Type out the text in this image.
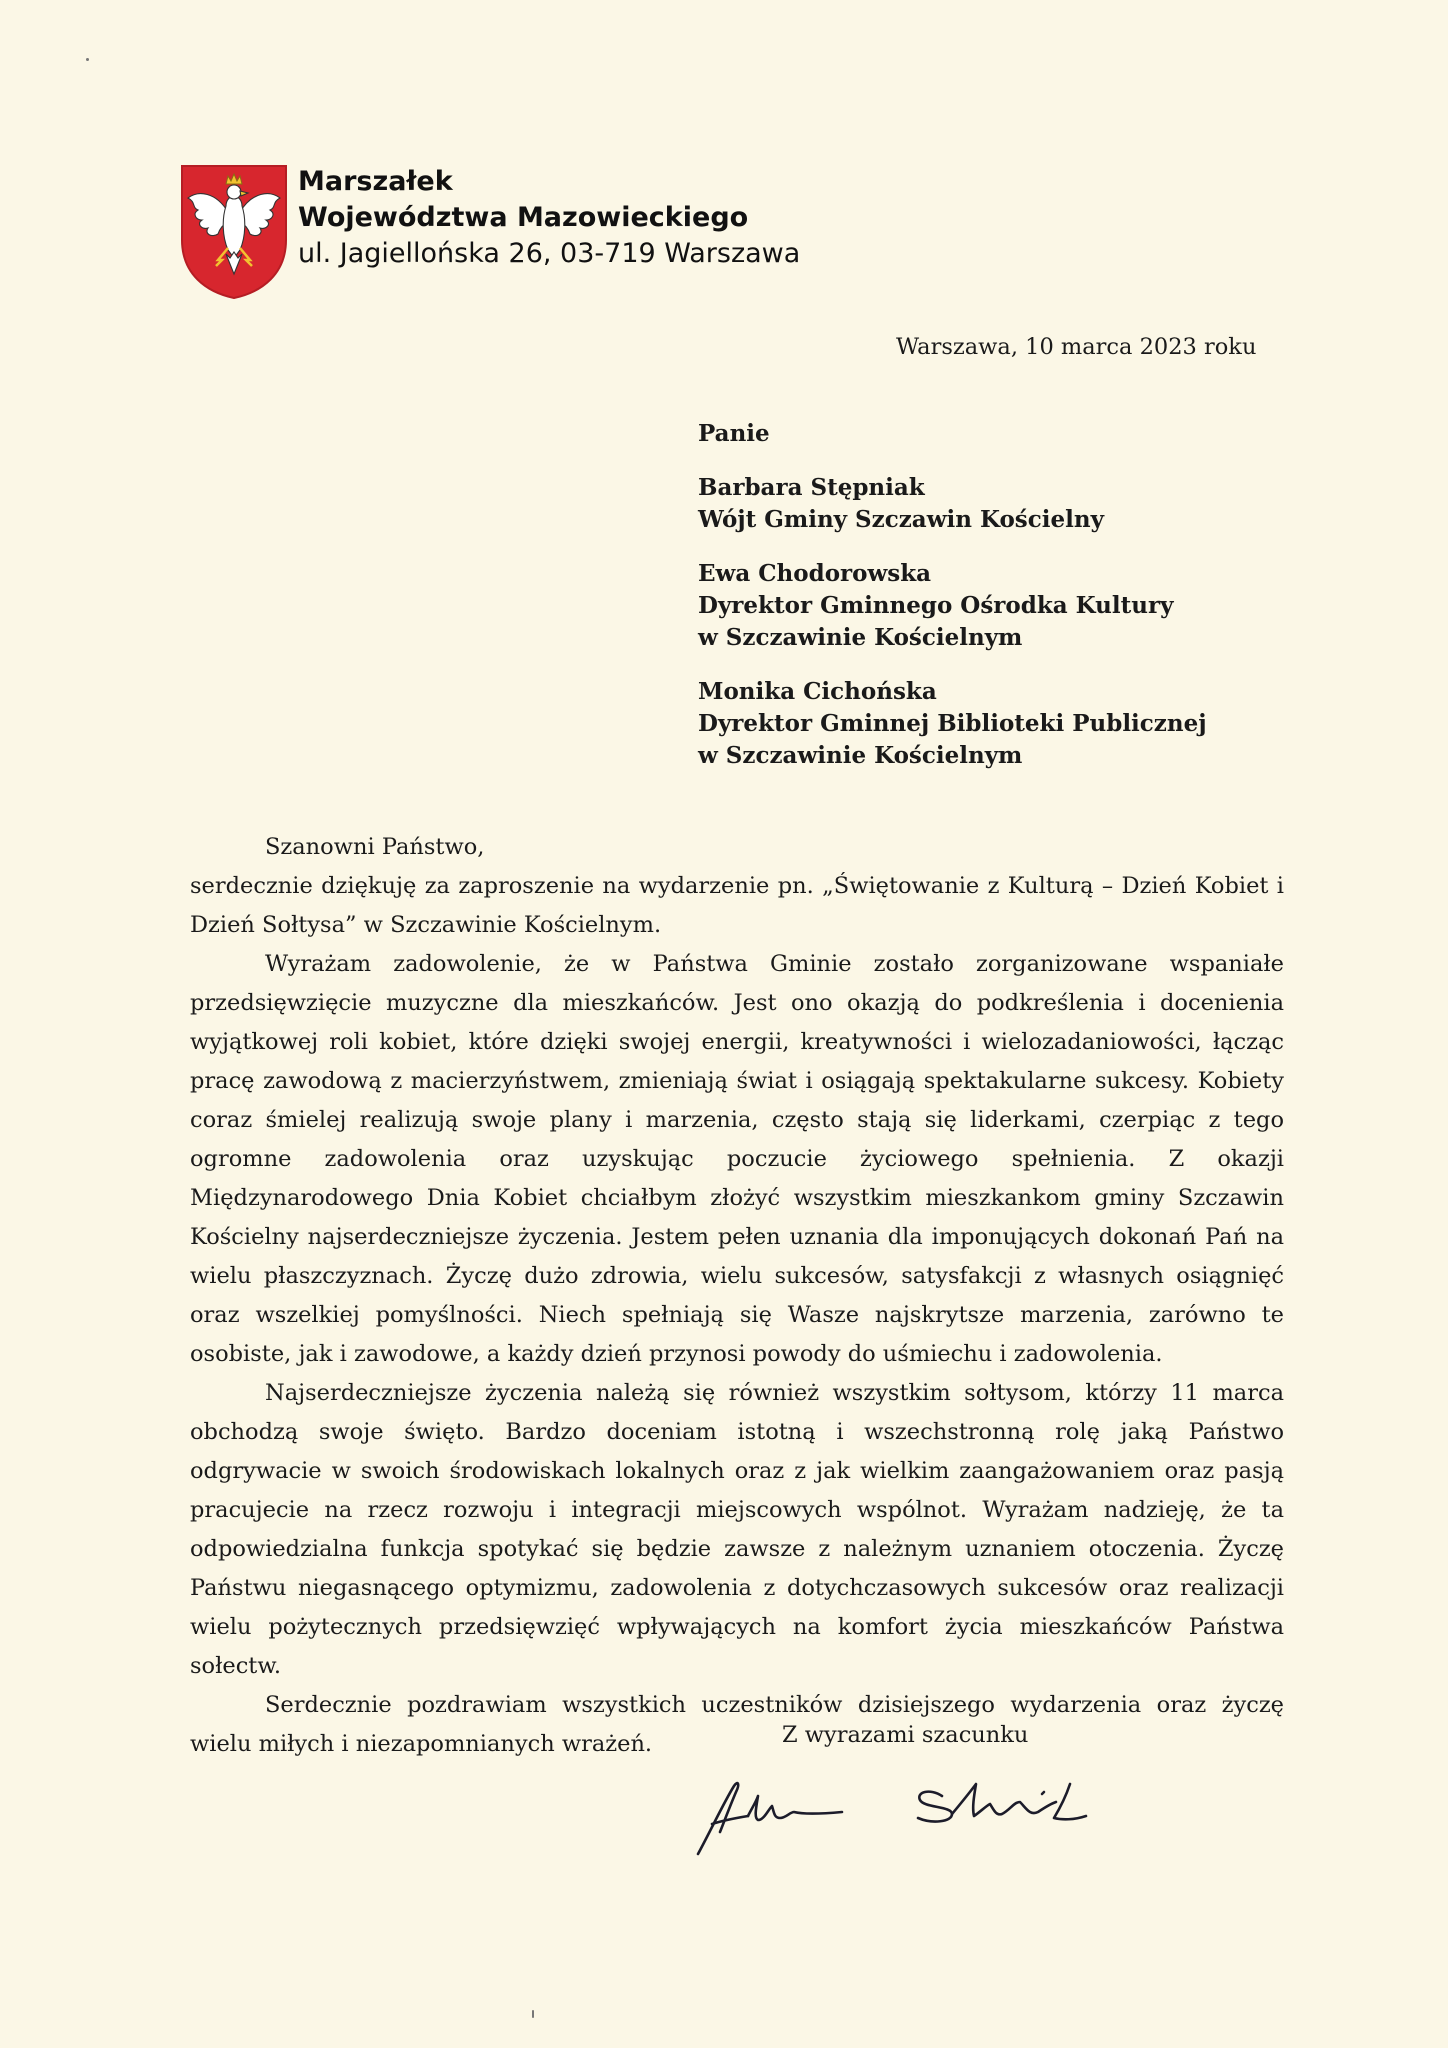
Marszałek
Województwa Mazowieckiego
ul. Jagiellońska 26, 03-719 Warszawa
Warszawa, 10 marca 2023 roku
Panie
Barbara Stępniak
Wójt Gminy Szczawin Kościelny
Ewa Chodorowska
Dyrektor Gminnego Ośrodka Kultury
w Szczawinie Kościelnym
Monika Cichońska
Dyrektor Gminnej Biblioteki Publicznej
w Szczawinie Kościelnym

Szanowni Państwo,

serdecznie dziękuję za zaproszenie na wydarzenie pn. „Świętowanie z Kulturą – Dzień Kobiet i Dzień Sołtysa” w Szczawinie Kościelnym.

Wyrażam zadowolenie, że w Państwa Gminie zostało zorganizowane wspaniałe przedsięwzięcie muzyczne dla mieszkańców. Jest ono okazją do podkreślenia i docenienia wyjątkowej roli kobiet, które dzięki swojej energii, kreatywności i wielozadaniowości, łącząc pracę zawodową z macierzyństwem, zmieniają świat i osiągają spektakularne sukcesy. Kobiety coraz śmielej realizują swoje plany i marzenia, często stają się liderkami, czerpiąc z tego ogromne zadowolenia oraz uzyskując poczucie życiowego spełnienia. Z okazji Międzynarodowego Dnia Kobiet chciałbym złożyć wszystkim mieszkankom gminy Szczawin Kościelny najserdeczniejsze życzenia. Jestem pełen uznania dla imponujących dokonań Pań na wielu płaszczyznach. Życzę dużo zdrowia, wielu sukcesów, satysfakcji z własnych osiągnięć oraz wszelkiej pomyślności. Niech spełniają się Wasze najskrytsze marzenia, zarówno te osobiste, jak i zawodowe, a każdy dzień przynosi powody do uśmiechu i zadowolenia.

Najserdeczniejsze życzenia należą się również wszystkim sołtysom, którzy 11 marca obchodzą swoje święto. Bardzo doceniam istotną i wszechstronną rolę jaką Państwo odgrywacie w swoich środowiskach lokalnych oraz z jak wielkim zaangażowaniem oraz pasją pracujecie na rzecz rozwoju i integracji miejscowych wspólnot. Wyrażam nadzieję, że ta odpowiedzialna funkcja spotykać się będzie zawsze z należnym uznaniem otoczenia. Życzę Państwu niegasnącego optymizmu, zadowolenia z dotychczasowych sukcesów oraz realizacji wielu pożytecznych przedsięwzięć wpływających na komfort życia mieszkańców Państwa sołectw.

Serdecznie pozdrawiam wszystkich uczestników dzisiejszego wydarzenia oraz życzę wielu miłych i niezapomnianych wrażeń.	Z wyrazami szacunku
